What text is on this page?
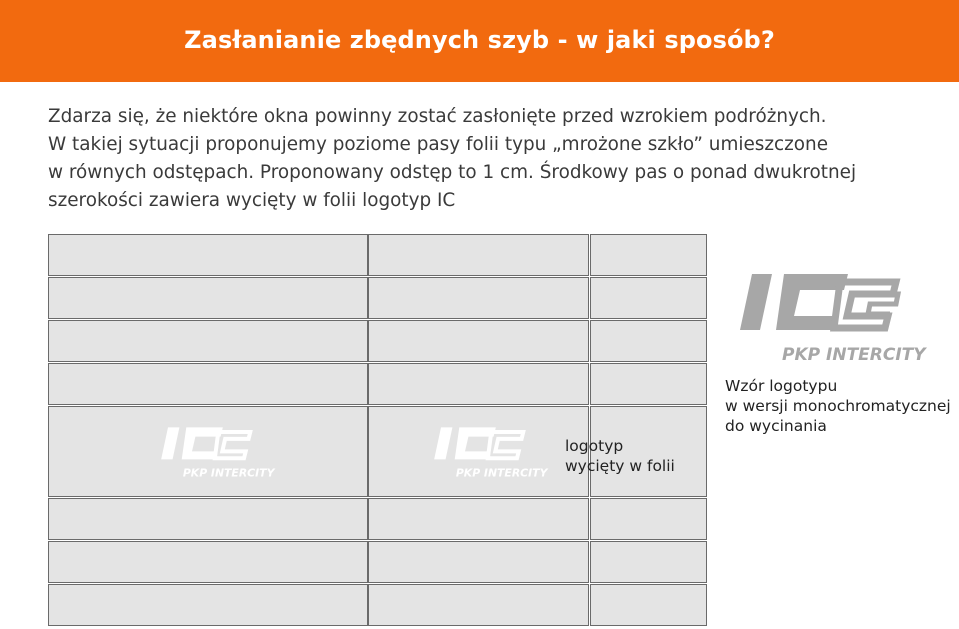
Zasłanianie zbędnych szyb - w jaki sposób?
Zdarza się, że niektóre okna powinny zostać zasłonięte przed wzrokiem podróżnych.
W takiej sytuacji proponujemy poziome pasy folii typu „mrożone szkło” umieszczone
w równych odstępach. Proponowany odstęp to 1 cm. Środkowy pas o ponad dwukrotnej
szerokości zawiera wycięty w folii logotyp IC
PKP INTERCITY	PKP INTERCITY
logotyp
wycięty w folii
PKP INTERCITY
Wzór logotypu
w wersji monochromatycznej
do wycinania
